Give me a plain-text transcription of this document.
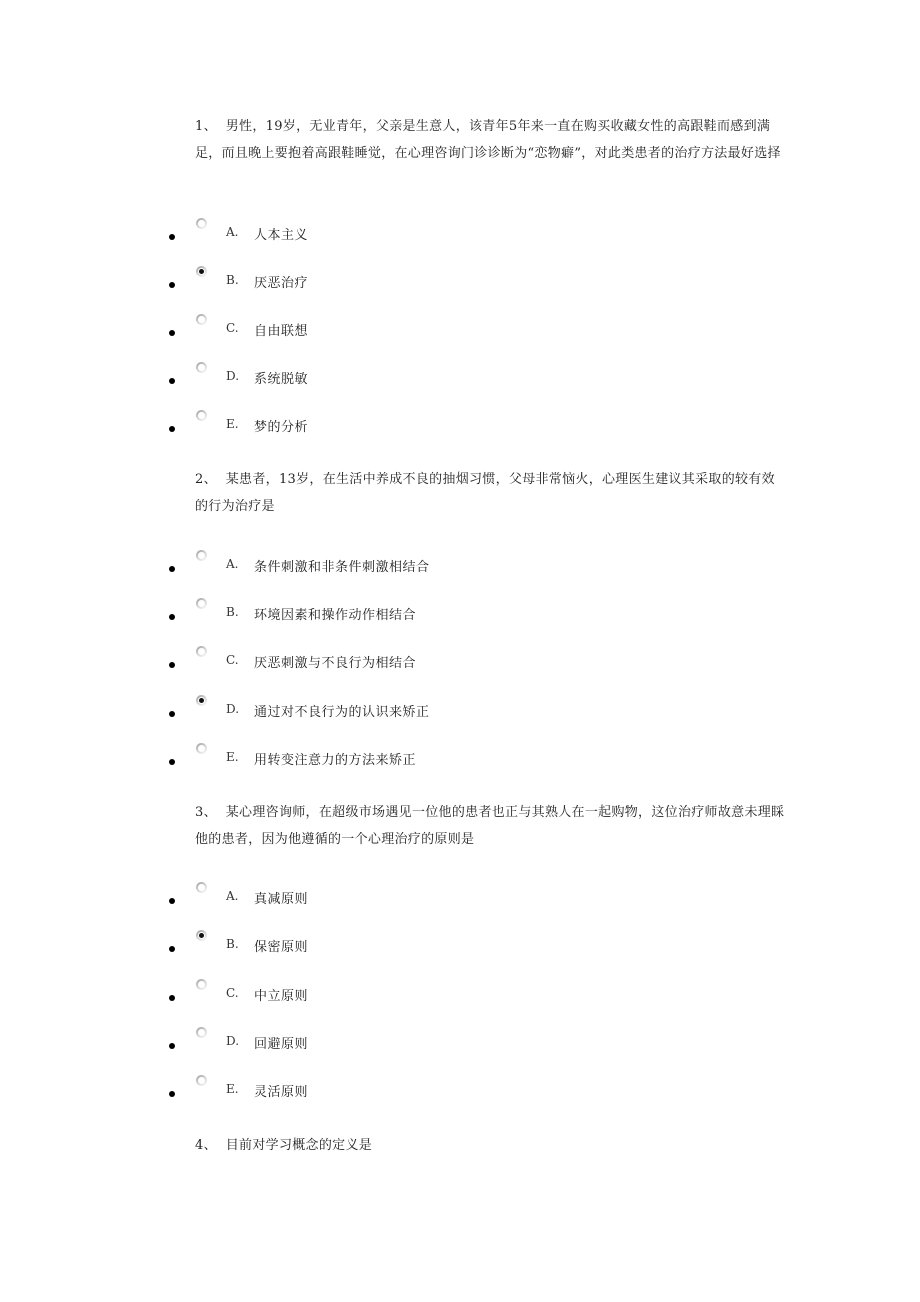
1、 男性，19岁，无业青年，父亲是生意人，该青年5年来一直在购买收藏女性的高跟鞋而感到满足，而且晚上要抱着高跟鞋睡觉，在心理咨询门诊诊断为“恋物癖”，对此类患者的治疗方法最好选择

A. 人本主义
B. 厌恶治疗
C. 自由联想
D. 系统脱敏
E. 梦的分析

2、 某患者，13岁，在生活中养成不良的抽烟习惯，父母非常恼火，心理医生建议其采取的较有效的行为治疗是

A. 条件刺激和非条件刺激相结合
B. 环境因素和操作动作相结合
C. 厌恶刺激与不良行为相结合
D. 通过对不良行为的认识来矫正
E. 用转变注意力的方法来矫正

3、 某心理咨询师，在超级市场遇见一位他的患者也正与其熟人在一起购物，这位治疗师故意未理睬他的患者，因为他遵循的一个心理治疗的原则是

A. 真减原则
B. 保密原则
C. 中立原则
D. 回避原则
E. 灵活原则

4、 目前对学习概念的定义是
